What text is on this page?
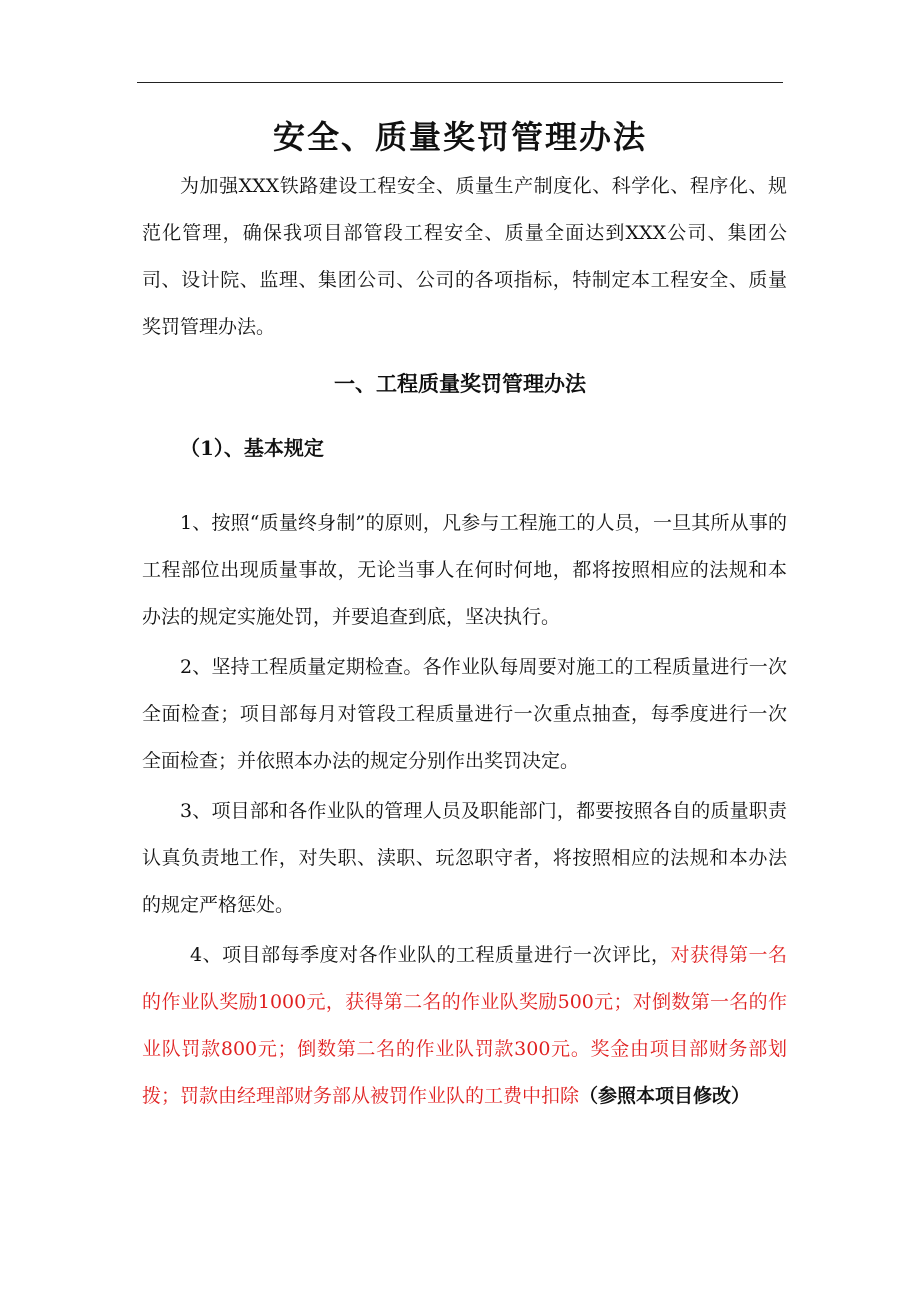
安全、质量奖罚管理办法
为加强XXX铁路建设工程安全、质量生产制度化、科学化、程序化、规范化管理，确保我项目部管段工程安全、质量全面达到XXX公司、集团公司、设计院、监理、集团公司、公司的各项指标，特制定本工程安全、质量奖罚管理办法。
一、工程质量奖罚管理办法
（1）、基本规定
1、按照“质量终身制”的原则，凡参与工程施工的人员，一旦其所从事的工程部位出现质量事故，无论当事人在何时何地，都将按照相应的法规和本办法的规定实施处罚，并要追查到底，坚决执行。
2、坚持工程质量定期检查。各作业队每周要对施工的工程质量进行一次全面检查；项目部每月对管段工程质量进行一次重点抽查，每季度进行一次全面检查；并依照本办法的规定分别作出奖罚决定。
3、项目部和各作业队的管理人员及职能部门，都要按照各自的质量职责认真负责地工作，对失职、渎职、玩忽职守者，将按照相应的法规和本办法的规定严格惩处。
4、项目部每季度对各作业队的工程质量进行一次评比，对获得第一名的作业队奖励1000元，获得第二名的作业队奖励500元；对倒数第一名的作业队罚款800元；倒数第二名的作业队罚款300元。奖金由项目部财务部划拨；罚款由经理部财务部从被罚作业队的工费中扣除（参照本项目修改）
